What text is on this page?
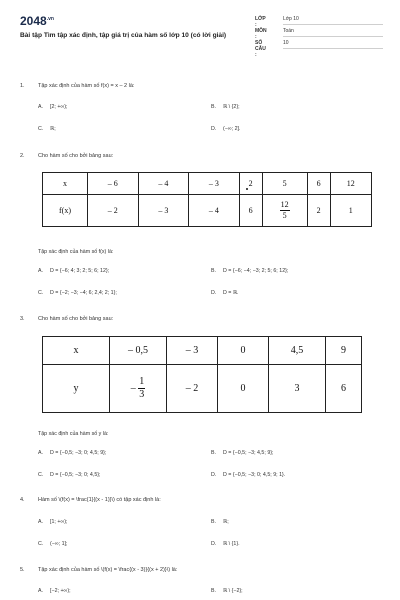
$2048^{.vn}$
Bài tập Tìm tập xác định, tập giá trị của hàm số lớp 10 (có lời giải)
LỚP :
Lớp 10
MÔN :
Toán
SỐ CÂU :
10
1. Tập xác định của hàm số f(x) = x – 2 là:
A. [2; +∞);	B. ℝ \ {2};
C. ℝ;	D. (−∞; 2].
2. Cho hàm số cho bởi bảng sau:
x	– 6	– 4	– 3	2	5	6	12
f(x)	– 2	– 3	– 4	6	$\frac{12}{5}$	2	1
Tập xác định của hàm số f(x) là:
A. D = {−6; 4; 3; 2; 5; 6; 12};	B. D = {−6; −4; −3; 2; 5; 6; 12};
C. D = {−2; −3; −4; 6; 2,4; 2; 1};	D. D = ℝ.
3. Cho hàm số cho bởi bảng sau:
x	– 0,5	– 3	0	4,5	9
y	– $\frac{1}{3}$	– 2	0	3	6
Tập xác định của hàm số y là:
A. D = {−0,5; −3; 0; 4,5; 9};	B. D = {−0,5; −3; 4,5; 9};
C. D = {−0,5; −3; 0; 4,5};	D. D = {−0,5; −3; 0; 4,5; 9; 1}.
4. Hàm số \(f(x) = \frac{1}{(x - 1)}\) có tập xác định là:
A. [1; +∞);	B. ℝ;
C. (−∞; 1];	D. ℝ \ {1}.
5. Tập xác định của hàm số \(f(x) = \frac{(x - 3)}{(x + 2)}\) là:
A. [−2; +∞);	B. ℝ \ {−2};
